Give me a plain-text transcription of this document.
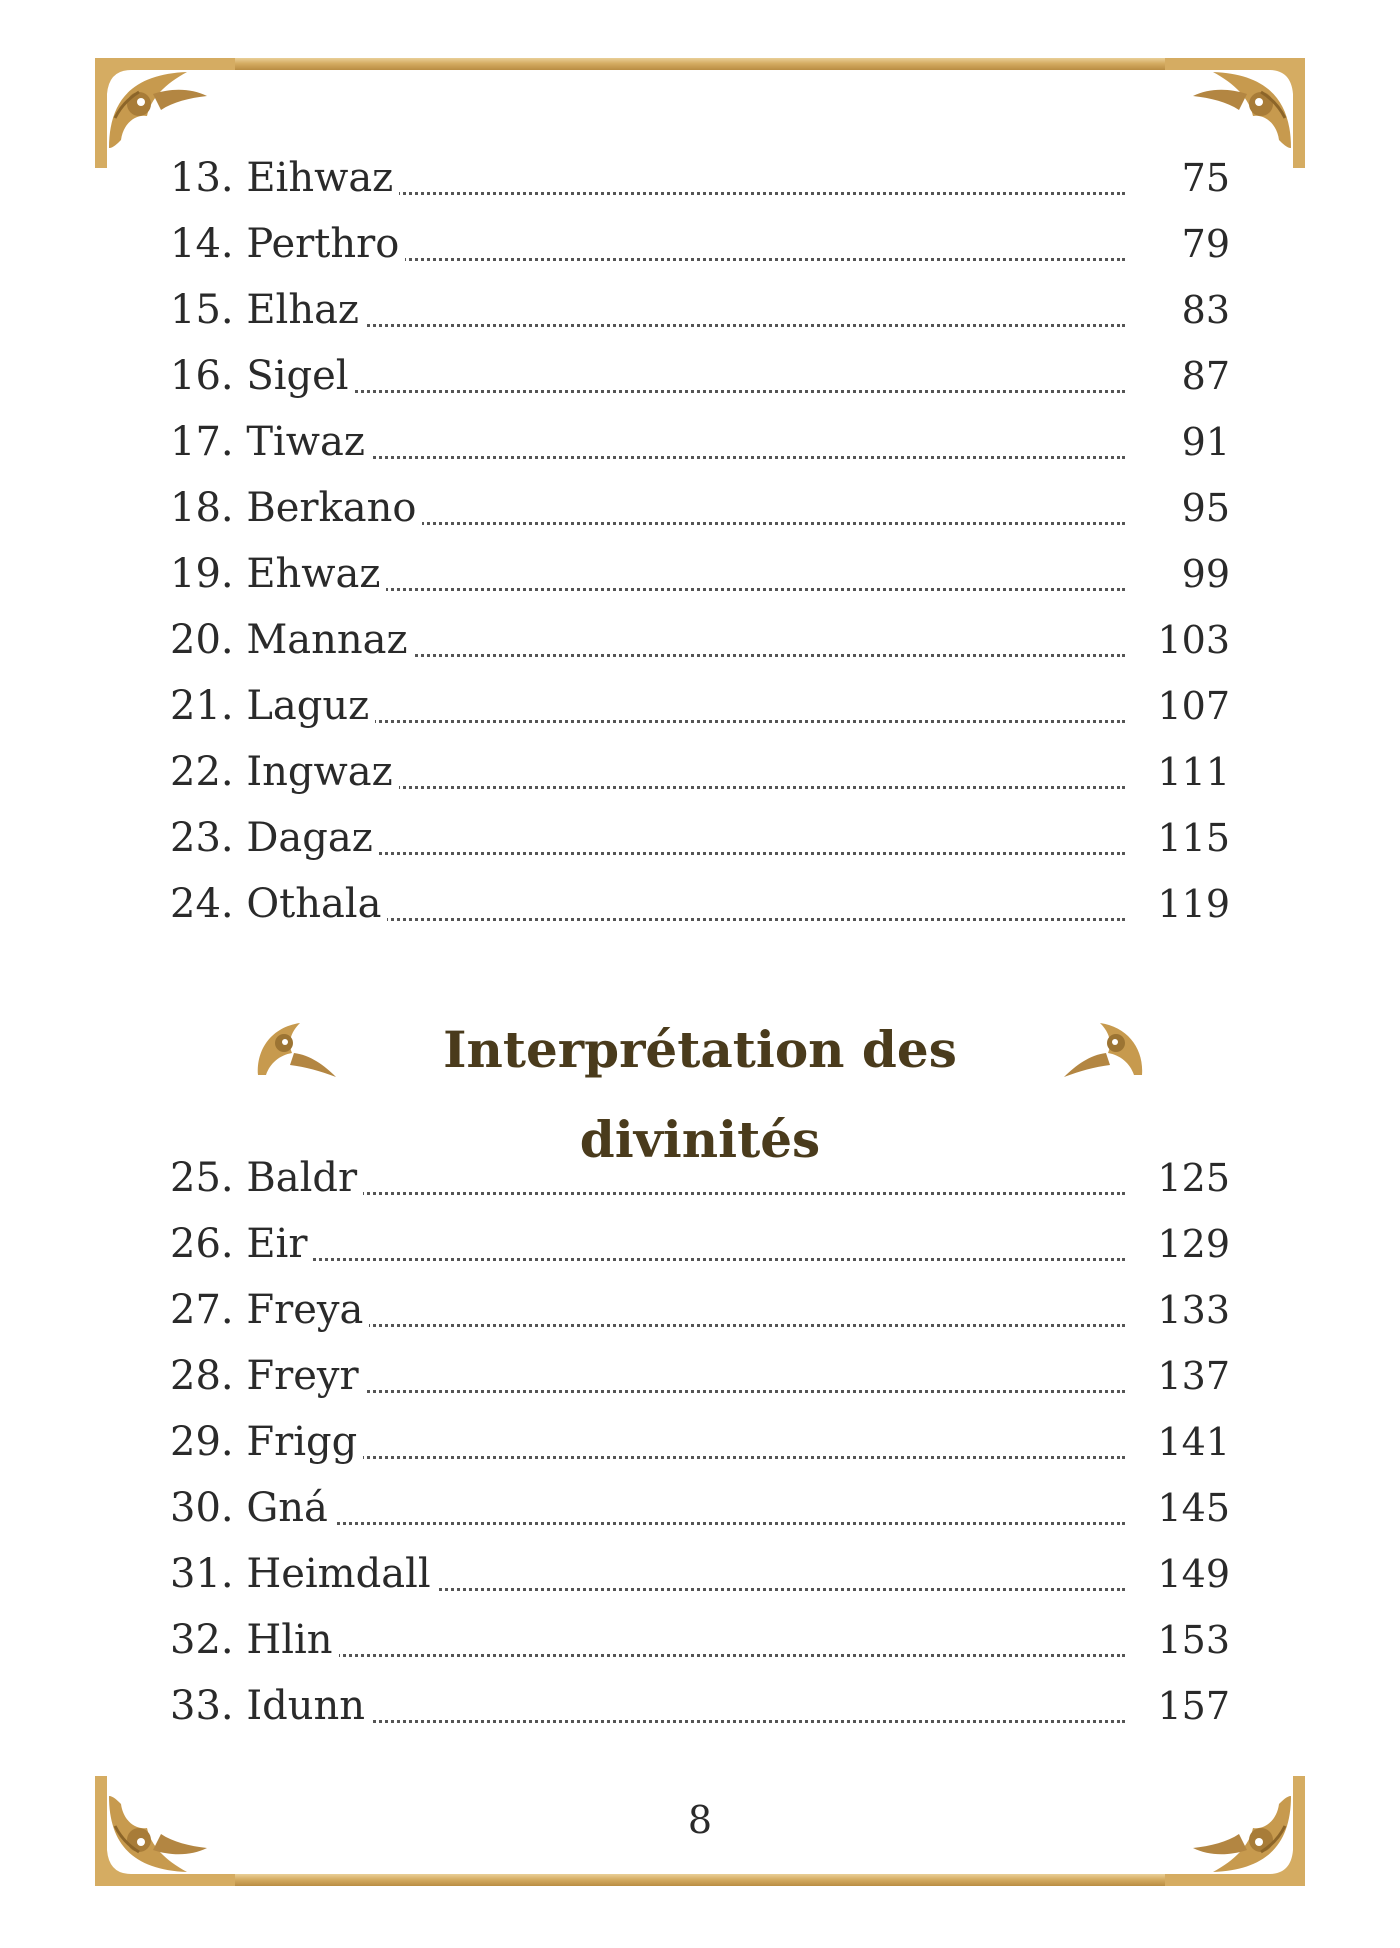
13. Eihwaz	75
14. Perthro	79
15. Elhaz	83
16. Sigel	87
17. Tiwaz	91
18. Berkano	95
19. Ehwaz	99
20. Mannaz	103
21. Laguz	107
22. Ingwaz	111
23. Dagaz	115
24. Othala	119
Interprétation des divinités
25. Baldr	125
26. Eir	129
27. Freya	133
28. Freyr	137
29. Frigg	141
30. Gná	145
31. Heimdall	149
32. Hlin	153
33. Idunn	157
8
